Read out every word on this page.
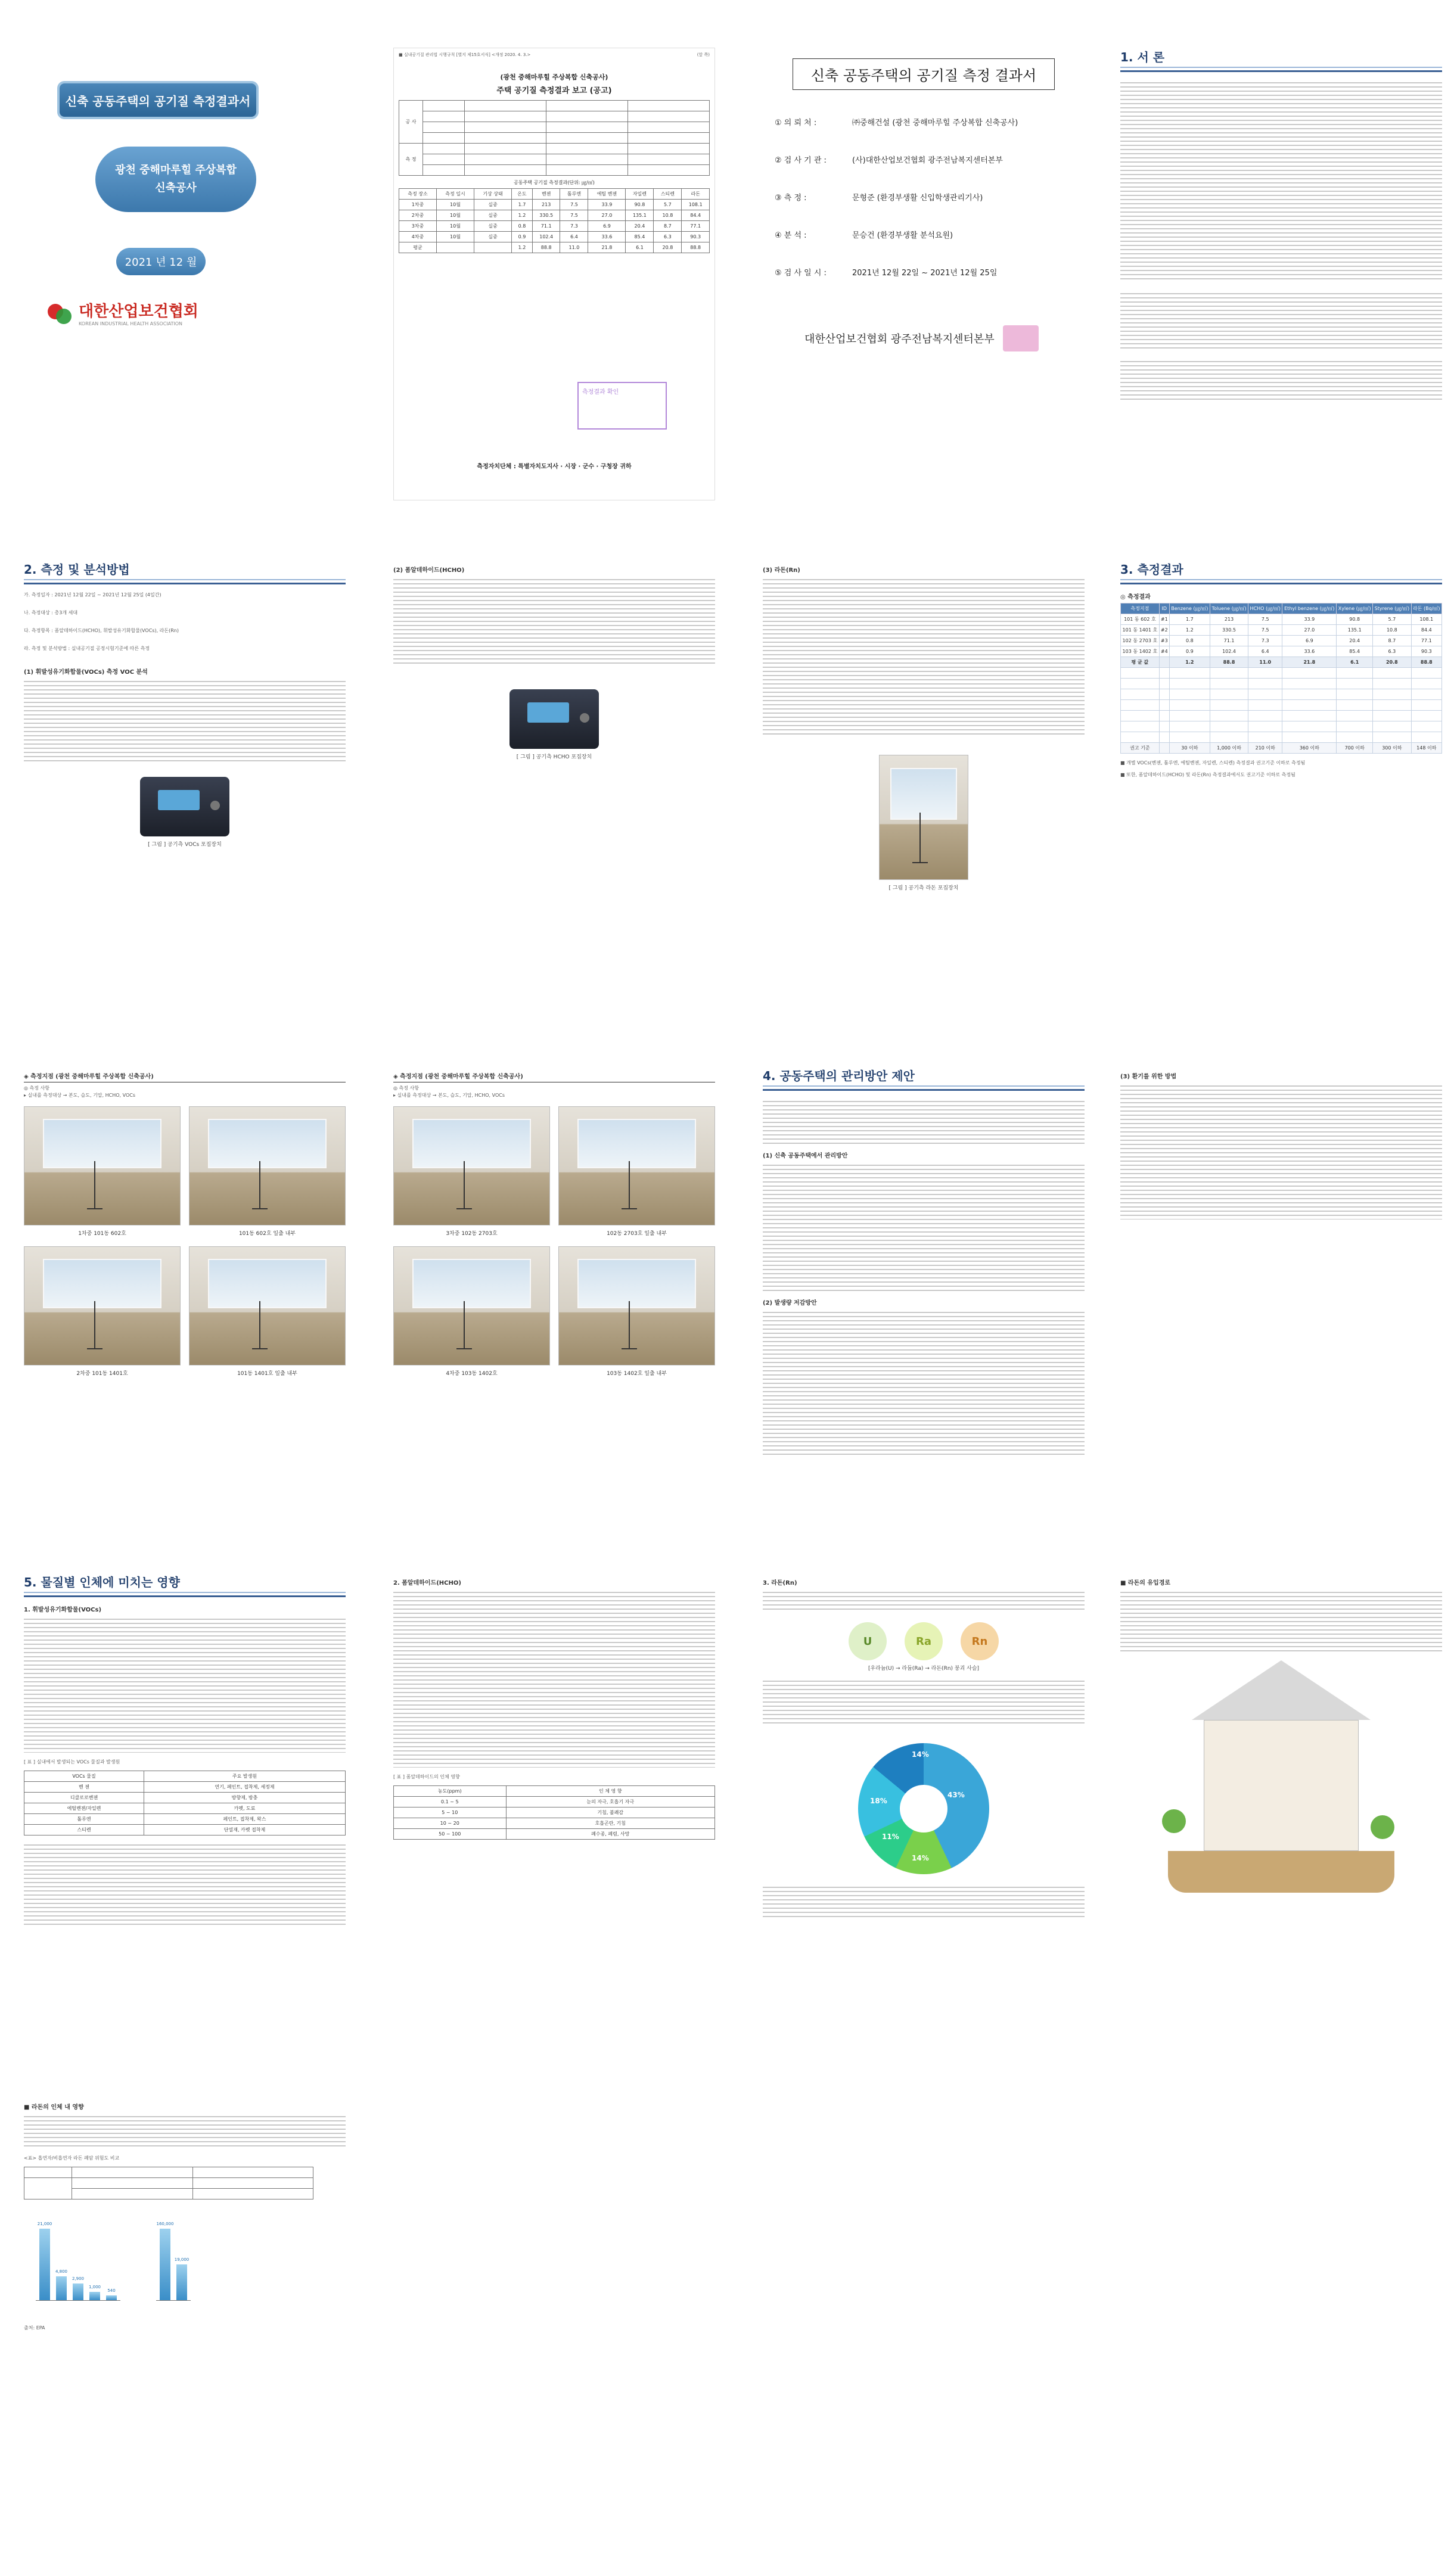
신축 공동주택의 공기질 측정결과서
광천 중해마루힐 주상복합
신축공사
2021 년 12 월
대한산업보건협회
KOREAN INDUSTRIAL HEALTH ASSOCIATION
■ 실내공기질 관리법 시행규칙 [별지 제15호서식] <개정 2020. 4. 3.>	(앞 쪽)
(광천 중해마루힐 주상복합 신축공사)
주택 공기질 측정결과 보고 (공고)
공 사				

측 정				

공동주택 공기질 측정결과(단위: ㎍/㎥)
측정 장소	측정 일시	기상 상태	온도	벤젠	톨루엔	에틸 벤젠	자일렌	스티렌	라돈
1차중	10월	실중	1.7	213	7.5	33.9	90.8	5.7	108.1
2차중	10월	실중	1.2	330.5	7.5	27.0	135.1	10.8	84.4
3차중	10월	실중	0.8	71.1	7.3	6.9	20.4	8.7	77.1
4차중	10월	실중	0.9	102.4	6.4	33.6	85.4	6.3	90.3
평균			1.2	88.8	11.0	21.8	6.1	20.8	88.8
측정결과 확인
측정자치단체 : 특별자치도지사 · 시장 · 군수 · 구청장 귀하
신축 공동주택의 공기질 측정 결과서
① 의 뢰 처 :	㈜중해건설 (광천 중해마루힐 주상복합 신축공사)
② 검 사 기 관 :	(사)대한산업보건협회 광주전남복지센터본부
③ 측 정 :	문형준 (환경부생활 신입학생관리기사)
④ 분 석 :	문승건 (환경부생활 분석요원)
⑤ 검 사 일 시 :	2021년 12월 22일 ~ 2021년 12월 25일
대한산업보건협회 광주전남복지센터본부
1. 서 론
2. 측정 및 분석방법
가. 측정일자 : 2021년 12월 22일 ~ 2021년 12월 25일 (4일간)
나. 측정대상 : 총3개 세대
다. 측정항목 : 폼알데하이드(HCHO), 휘발성유기화합물(VOCs), 라돈(Rn)
라. 측정 및 분석방법 : 실내공기질 공정시험기준에 따른 측정
(1) 휘발성유기화합물(VOCs) 측정 VOC 분석
[ 그림 ] 공기측 VOCs 포집장치
(2) 폼알데하이드(HCHO)
[ 그림 ] 공기측 HCHO 포집장치
(3) 라돈(Rn)
[ 그림 ] 공기측 라돈 포집장치
3. 측정결과
◎ 측정결과
측정지점	ID	Benzene (㎍/㎥)	Toluene (㎍/㎥)	HCHO (㎍/㎥)	Ethyl benzene (㎍/㎥)	Xylene (㎍/㎥)	Styrene (㎍/㎥)	라돈 (Bq/㎥)
101 동 602 호	#1	1.7	213	7.5	33.9	90.8	5.7	108.1
101 동 1401 호	#2	1.2	330.5	7.5	27.0	135.1	10.8	84.4
102 동 2703 호	#3	0.8	71.1	7.3	6.9	20.4	8.7	77.1
103 동 1402 호	#4	0.9	102.4	6.4	33.6	85.4	6.3	90.3
평 균 값		1.2	88.8	11.0	21.8	6.1	20.8	88.8

권고 기준		30 이하	1,000 이하	210 이하	360 이하	700 이하	300 이하	148 이하
■ 개별 VOCs(벤젠, 톨루엔, 에틸벤젠, 자일렌, 스티렌) 측정결과 권고기준 이하로 측정됨
■ 또한, 폼알데하이드(HCHO) 및 라돈(Rn) 측정결과에서도 권고기준 이하로 측정됨
◈ 측정지점 (광천 중해마루힐 주상복합 신축공사)
◎ 측정 사항
▸ 실내를 측정대상 → 본도, 습도, 기압, HCHO, VOCs
1차중 101동 602호	101동 602호 일출 내부
2차중 101동 1401호	101동 1401호 일출 내부
◈ 측정지점 (광천 중해마루힐 주상복합 신축공사)
◎ 측정 사항
▸ 실내를 측정대상 → 본도, 습도, 기압, HCHO, VOCs
3차중 102동 2703호	102동 2703호 일출 내부
4차중 103동 1402호	103동 1402호 일출 내부
4. 공동주택의 관리방안 제안
(1) 신축 공동주택에서 관리방안
(2) 발생량 저감방안
(3) 환기를 위한 방법
5. 물질별 인체에 미치는 영향
1. 휘발성유기화합물(VOCs)
[ 표 ] 실내에서 발생되는 VOCs 물질과 발생원
VOCs 물질	주요 발생원
벤 젠	연기, 페인트, 접착제, 세정제
디클로로벤젠	방향제, 방충
에틸벤젠/자일렌	카펫, 도료
톨루엔	페인트, 접착제, 왁스
스티렌	단열재, 카펫 접착제
2. 폼알데하이드(HCHO)
[ 표 ] 폼알데하이드의 인체 영향
농도(ppm)	인 체 영 향
0.1 ~ 5	눈의 자극, 호흡기 자극
5 ~ 10	기침, 불쾌감
10 ~ 20	호흡곤란, 기침
50 ~ 100	폐수종, 폐렴, 사망
3. 라돈(Rn)
U	Ra	Rn
[우라늄(U) → 라듐(Ra) → 라돈(Rn) 붕괴 사슬]
43%
14%
11%
18%
14%
■ 라돈의 유입경로
■ 라돈의 인체 내 영향
<표> 흡연자/비흡연자 라돈 폐암 위험도 비교

21,000
4,800
2,900
1,000
540
160,000
19,000
출처: EPA
